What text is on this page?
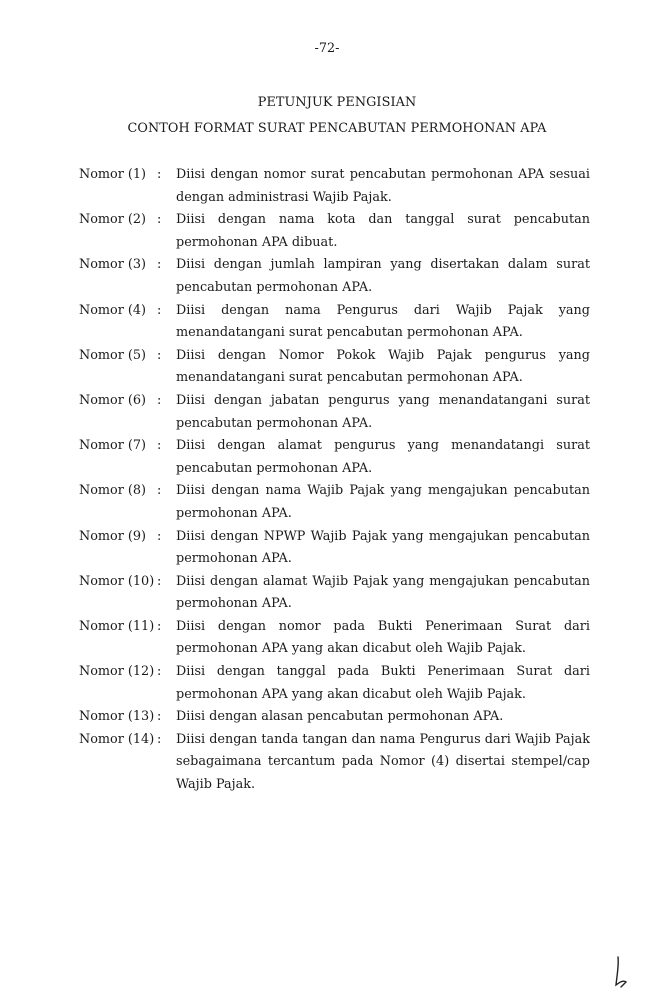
-72-
PETUNJUK PENGISIAN
CONTOH FORMAT SURAT PENCABUTAN PERMOHONAN APA
Nomor (1) :	Diisi dengan nomor surat pencabutan permohonan APA sesuai dengan administrasi Wajib Pajak.
Nomor (2) :	Diisi dengan nama kota dan tanggal surat pencabutan permohonan APA dibuat.
Nomor (3) :	Diisi dengan jumlah lampiran yang disertakan dalam surat pencabutan permohonan APA.
Nomor (4) :	Diisi dengan nama Pengurus dari Wajib Pajak yang menandatangani surat pencabutan permohonan APA.
Nomor (5) :	Diisi dengan Nomor Pokok Wajib Pajak pengurus yang menandatangani surat pencabutan permohonan APA.
Nomor (6) :	Diisi dengan jabatan pengurus yang menandatangani surat pencabutan permohonan APA.
Nomor (7) :	Diisi dengan alamat pengurus yang menandatangi surat pencabutan permohonan APA.
Nomor (8) :	Diisi dengan nama Wajib Pajak yang mengajukan pencabutan permohonan APA.
Nomor (9) :	Diisi dengan NPWP Wajib Pajak yang mengajukan pencabutan permohonan APA.
Nomor (10) :	Diisi dengan alamat Wajib Pajak yang mengajukan pencabutan permohonan APA.
Nomor (11) :	Diisi dengan nomor pada Bukti Penerimaan Surat dari permohonan APA yang akan dicabut oleh Wajib Pajak.
Nomor (12) :	Diisi dengan tanggal pada Bukti Penerimaan Surat dari permohonan APA yang akan dicabut oleh Wajib Pajak.
Nomor (13) :	Diisi dengan alasan pencabutan permohonan APA.
Nomor (14) :	Diisi dengan tanda tangan dan nama Pengurus dari Wajib Pajak sebagaimana tercantum pada Nomor (4) disertai stempel/cap Wajib Pajak.
